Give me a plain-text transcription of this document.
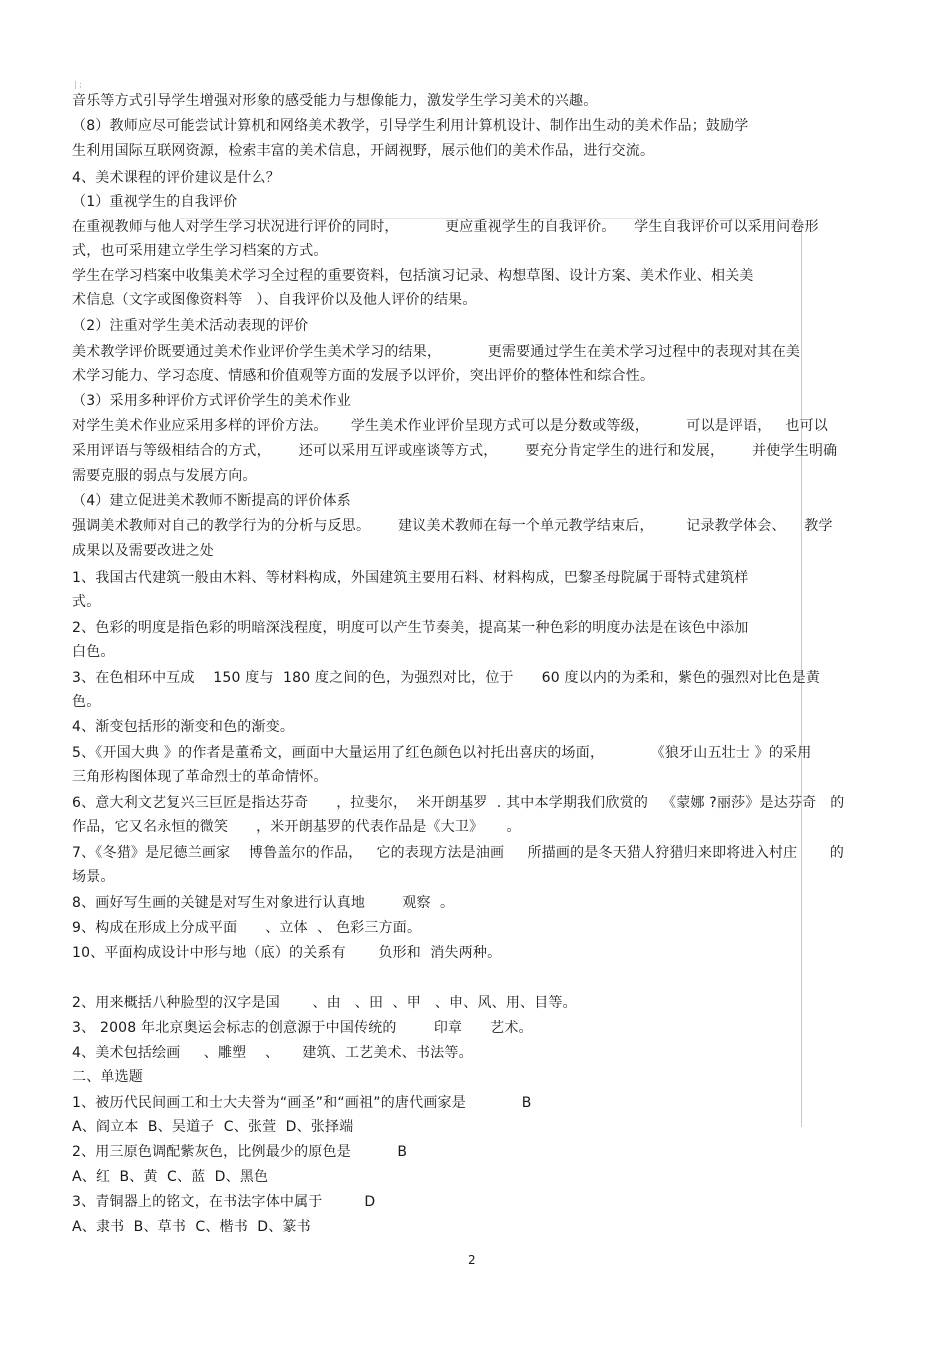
| ;
音乐等方式引导学生增强对形象的感受能力与想像能力，激发学生学习美术的兴趣。
（8）教师应尽可能尝试计算机和网络美术教学，引导学生利用计算机设计、制作出生动的美术作品；鼓励学
生利用国际互联网资源，检索丰富的美术信息，开阔视野，展示他们的美术作品，进行交流。
4、美术课程的评价建议是什么？
（1）重视学生的自我评价
在重视教师与他人对学生学习状况进行评价的同时，          更应重视学生的自我评价。    学生自我评价可以采用问卷形
式，也可采用建立学生学习档案的方式。
学生在学习档案中收集美术学习全过程的重要资料，包括演习记录、构想草图、设计方案、美术作业、相关美
术信息（文字或图像资料等   ）、自我评价以及他人评价的结果。
（2）注重对学生美术活动表现的评价
美术教学评价既要通过美术作业评价学生美术学习的结果，          更需要通过学生在美术学习过程中的表现对其在美
术学习能力、学习态度、情感和价值观等方面的发展予以评价，突出评价的整体性和综合性。
（3）采用多种评价方式评价学生的美术作业
对学生美术作业应采用多样的评价方法。     学生美术作业评价呈现方式可以是分数或等级，        可以是评语，   也可以
采用评语与等级相结合的方式，      还可以采用互评或座谈等方式，      要充分肯定学生的进行和发展，      并使学生明确
需要克服的弱点与发展方向。
（4）建立促进美术教师不断提高的评价体系
强调美术教师对自己的教学行为的分析与反思。      建议美术教师在每一个单元教学结束后，       记录教学体会、    教学
成果以及需要改进之处
1、我国古代建筑一般由木料、等材料构成，外国建筑主要用石料、材料构成，巴黎圣母院属于哥特式建筑样
式。
2、色彩的明度是指色彩的明暗深浅程度，明度可以产生节奏美，提高某一种色彩的明度办法是在该色中添加
白色。
3、在色相环中互成    150 度与  180 度之间的色，为强烈对比，位于      60 度以内的为柔和，紫色的强烈对比色是黄
色。
4、渐变包括形的渐变和色的渐变。
5、《开国大典 》的作者是董希文，画面中大量运用了红色颜色以衬托出喜庆的场面，          《狼牙山五壮士 》的采用
三角形构图体现了革命烈士的革命情怀。
6、意大利文艺复兴三巨匠是指达芬奇      ，拉斐尔，  米开朗基罗  . 其中本学期我们欣赏的   《蒙娜 ?丽莎》是达芬奇   的
作品，它又名永恒的微笑      ，米开朗基罗的代表作品是《大卫》     。
7、《冬猎》是尼德兰画家    博鲁盖尔的作品，   它的表现方法是油画     所描画的是冬天猎人狩猎归来即将进入村庄       的
场景。
8、画好写生画的关键是对写生对象进行认真地        观察  。
9、构成在形成上分成平面      、立体  、 色彩三方面。
10、平面构成设计中形与地（底）的关系有       负形和  消失两种。
2、用来概括八种脸型的汉字是国       、由   、田  、甲   、申、风、用、目等。
3、 2008 年北京奥运会标志的创意源于中国传统的        印章      艺术。
4、美术包括绘画     、雕塑    、     建筑、工艺美术、书法等。
二、单选题
1、被历代民间画工和士大夫誉为“画圣”和“画祖”的唐代画家是            B
A、阎立本  B、吴道子  C、张萱  D、张择端
2、用三原色调配紫灰色，比例最少的原色是          B
A、红  B、黄  C、蓝  D、黑色
3、青铜器上的铭文，在书法字体中属于         D
A、隶书  B、草书  C、楷书  D、篆书
2
